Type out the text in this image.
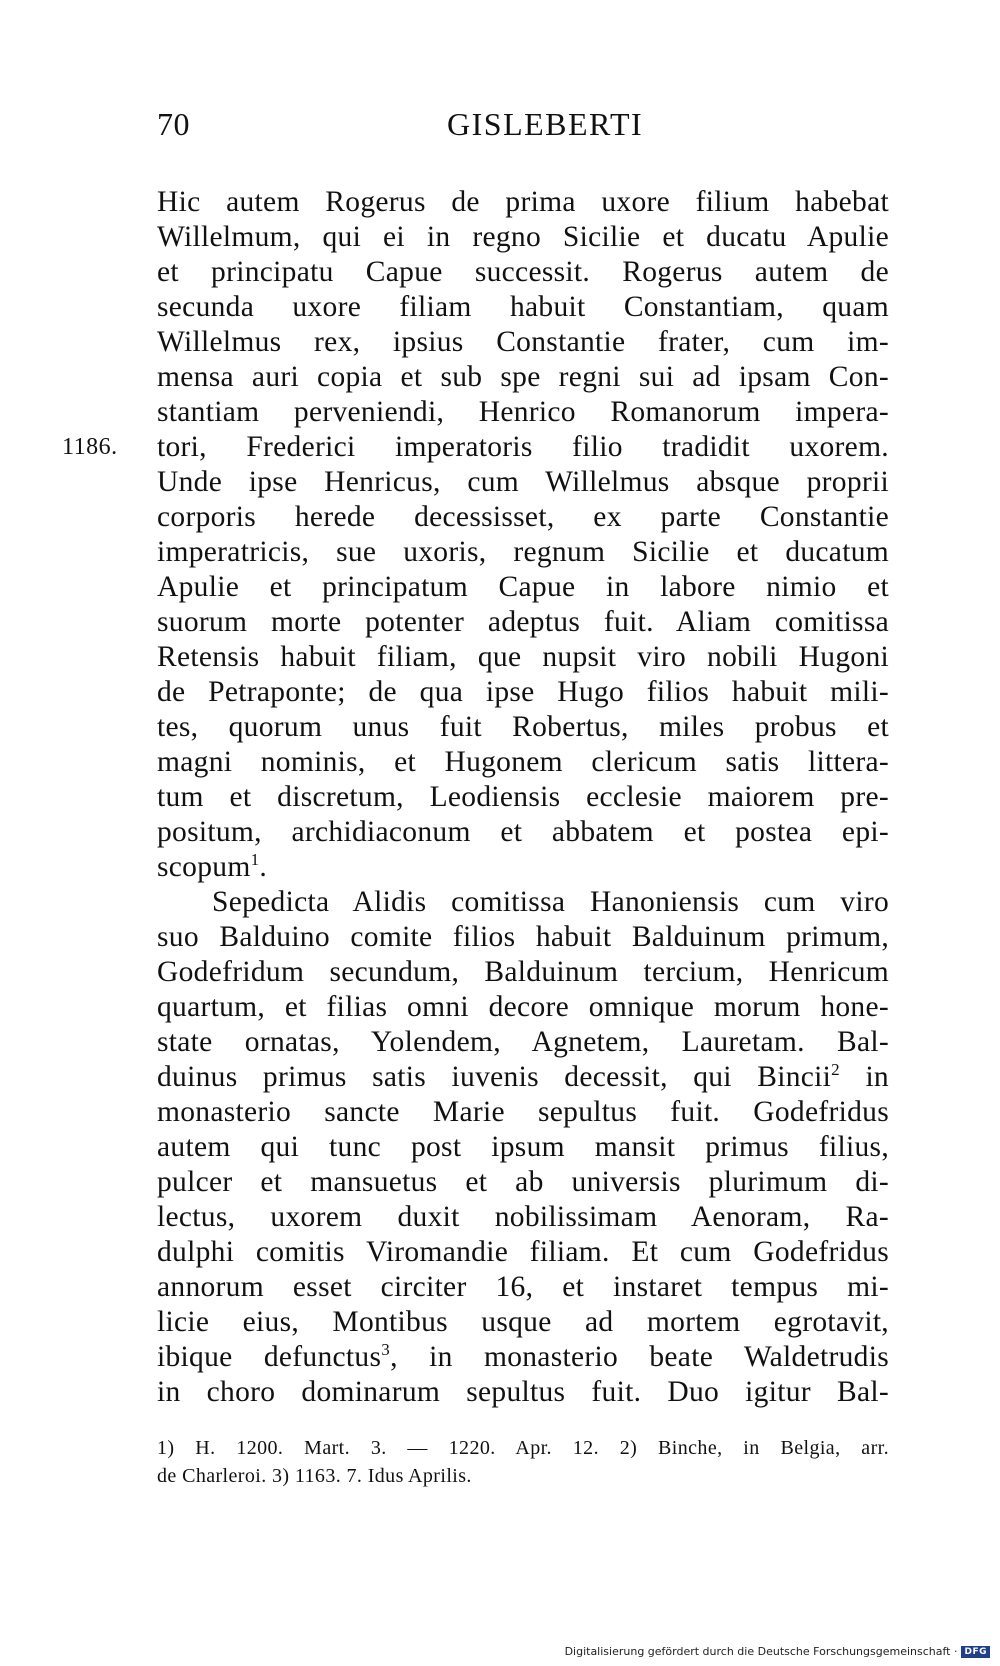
70	GISLEBERTI
Hic autem Rogerus de prima uxore filium habebat
Willelmum, qui ei in regno Sicilie et ducatu Apulie
et principatu Capue successit. Rogerus autem de
secunda uxore filiam habuit Constantiam, quam
Willelmus rex, ipsius Constantie frater, cum im-
mensa auri copia et sub spe regni sui ad ipsam Con-
stantiam perveniendi, Henrico Romanorum impera-
1186. tori, Frederici imperatoris filio tradidit uxorem.
Unde ipse Henricus, cum Willelmus absque proprii
corporis herede decessisset, ex parte Constantie
imperatricis, sue uxoris, regnum Sicilie et ducatum
Apulie et principatum Capue in labore nimio et
suorum morte potenter adeptus fuit. Aliam comitissa
Retensis habuit filiam, que nupsit viro nobili Hugoni
de Petraponte; de qua ipse Hugo filios habuit mili-
tes, quorum unus fuit Robertus, miles probus et
magni nominis, et Hugonem clericum satis littera-
tum et discretum, Leodiensis ecclesie maiorem pre-
positum, archidiaconum et abbatem et postea epi-
scopum$^1$.
Sepedicta Alidis comitissa Hanoniensis cum viro
suo Balduino comite filios habuit Balduinum primum,
Godefridum secundum, Balduinum tercium, Henricum
quartum, et filias omni decore omnique morum hone-
state ornatas, Yolendem, Agnetem, Lauretam. Bal-
duinus primus satis iuvenis decessit, qui Bincii$^2$ in
monasterio sancte Marie sepultus fuit. Godefridus
autem qui tunc post ipsum mansit primus filius,
pulcer et mansuetus et ab universis plurimum di-
lectus, uxorem duxit nobilissimam Aenoram, Ra-
dulphi comitis Viromandie filiam. Et cum Godefridus
annorum esset circiter 16, et instaret tempus mi-
licie eius, Montibus usque ad mortem egrotavit,
ibique defunctus$^3$, in monasterio beate Waldetrudis
in choro dominarum sepultus fuit. Duo igitur Bal-
1) H. 1200. Mart. 3. — 1220. Apr. 12. 2) Binche, in Belgia, arr.
de Charleroi. 3) 1163. 7. Idus Aprilis.
Digitalisierung gefördert durch die Deutsche Forschungsgemeinschaft · DFG
